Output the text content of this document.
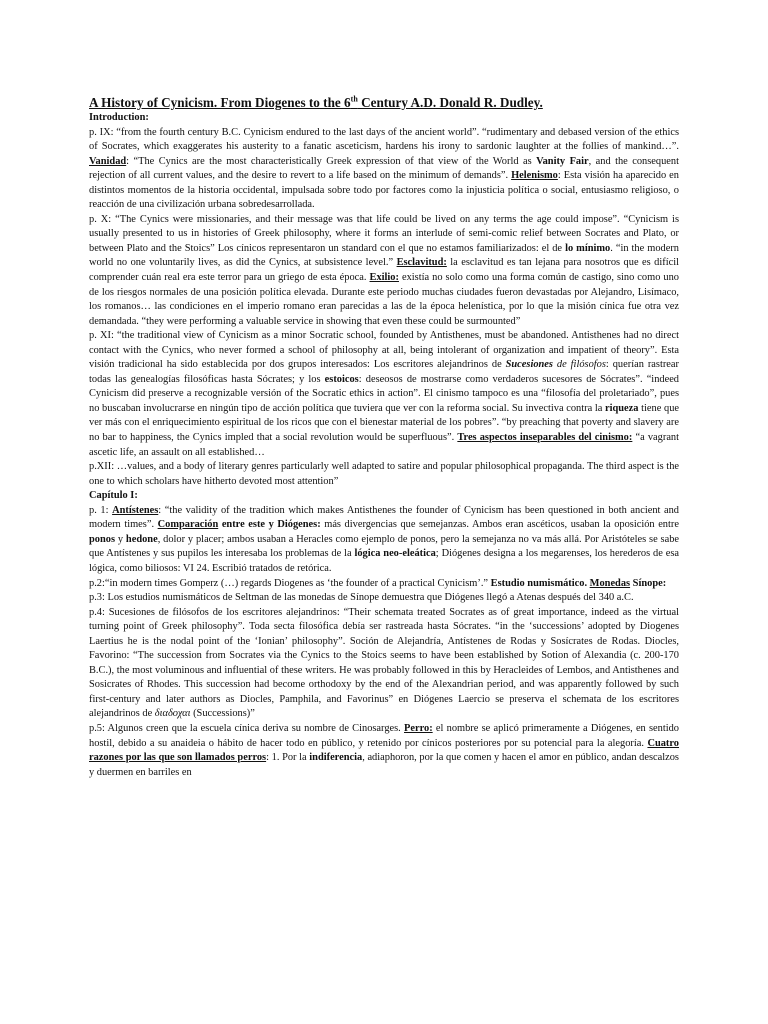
A History of Cynicism. From Diogenes to the 6th Century A.D. Donald R. Dudley.

Introduction:

p. IX: “from the fourth century B.C. Cynicism endured to the last days of the ancient world”. “rudimentary and debased version of the ethics of Socrates, which exaggerates his austerity to a fanatic asceticism, hardens his irony to sardonic laughter at the follies of mankind…”. Vanidad: “The Cynics are the most characteristically Greek expression of that view of the World as Vanity Fair, and the consequent rejection of all current values, and the desire to revert to a life based on the minimum of demands”. Helenismo: Esta visión ha aparecido en distintos momentos de la historia occidental, impulsada sobre todo por factores como la injusticia política o social, entusiasmo religioso, o reacción de una civilización urbana sobredesarrollada.

p. X: “The Cynics were missionaries, and their message was that life could be lived on any terms the age could impose”. “Cynicism is usually presented to us in histories of Greek philosophy, where it forms an interlude of semi-comic relief between Socrates and Plato, or between Plato and the Stoics” Los cínicos representaron un standard con el que no estamos familiarizados: el de lo mínimo. “in the modern world no one voluntarily lives, as did the Cynics, at subsistence level.” Esclavitud: la esclavitud es tan lejana para nosotros que es difícil comprender cuán real era este terror para un griego de esta época. Exilio: existía no solo como una forma común de castigo, sino como uno de los riesgos normales de una posición política elevada. Durante este periodo muchas ciudades fueron devastadas por Alejandro, Lisímaco, los romanos… las condiciones en el imperio romano eran parecidas a las de la época helenística, por lo que la misión cínica fue otra vez demandada. “they were performing a valuable service in showing that even these could be surmounted”

p. XI: “the traditional view of Cynicism as a minor Socratic school, founded by Antisthenes, must be abandoned. Antisthenes had no direct contact with the Cynics, who never formed a school of philosophy at all, being intolerant of organization and impatient of theory”. Esta visión tradicional ha sido establecida por dos grupos interesados: Los escritores alejandrinos de Sucesiones de filósofos: querían rastrear todas las genealogías filosóficas hasta Sócrates; y los estoicos: deseosos de mostrarse como verdaderos sucesores de Sócrates”. “indeed Cynicism did preserve a recognizable versión of the Socratic ethics in action”. El cinismo tampoco es una “filosofía del proletariado”, pues no buscaban involucrarse en ningún tipo de acción política que tuviera que ver con la reforma social. Su invectiva contra la riqueza tiene que ver más con el enriquecimiento espiritual de los ricos que con el bienestar material de los pobres”. “by preaching that poverty and slavery are no bar to happiness, the Cynics impled that a social revolution would be superfluous”. Tres aspectos inseparables del cinismo: “a vagrant ascetic life, an assault on all established…

p.XII: …values, and a body of literary genres particularly well adapted to satire and popular philosophical propaganda. The third aspect is the one to which scholars have hitherto devoted most attention”

Capítulo I:

p. 1: Antístenes: “the validity of the tradition which makes Antisthenes the founder of Cynicism has been questioned in both ancient and modern times”. Comparación entre este y Diógenes: más divergencias que semejanzas. Ambos eran ascéticos, usaban la oposición entre ponos y hedone, dolor y placer; ambos usaban a Heracles como ejemplo de ponos, pero la semejanza no va más allá. Por Aristóteles se sabe que Antístenes y sus pupilos les interesaba los problemas de la lógica neo-eleática; Diógenes designa a los megarenses, los herederos de esa lógica, como biliosos: VI 24. Escribió tratados de retórica.

p.2:“in modern times Gomperz (…) regards Diogenes as ‘the founder of a practical Cynicism’.” Estudio numismático. Monedas Sínope:

p.3: Los estudios numismáticos de Seltman de las monedas de Sínope demuestra que Diógenes llegó a Atenas después del 340 a.C.

p.4: Sucesiones de filósofos de los escritores alejandrinos: “Their schemata treated Socrates as of great importance, indeed as the virtual turning point of Greek philosophy”. Toda secta filosófica debía ser rastreada hasta Sócrates. “in the ‘successions’ adopted by Diogenes Laertius he is the nodal point of the ‘Ionian’ philosophy”. Soción de Alejandría, Antístenes de Rodas y Sosícrates de Rodas. Diocles, Favorino: “The succession from Socrates via the Cynics to the Stoics seems to have been established by Sotion of Alexandia (c. 200-170 B.C.), the most voluminous and influential of these writers. He was probably followed in this by Heracleides of Lembos, and Antisthenes and Sosicrates of Rhodes. This succession had become orthodoxy by the end of the Alexandrian period, and was apparently followed by such first-century and later authors as Diocles, Pamphila, and Favorinus” en Diógenes Laercio se preserva el schemata de los escritores alejandrinos de διαδοχαι (Successions)”

p.5: Algunos creen que la escuela cínica deriva su nombre de Cinosarges. Perro: el nombre se aplicó primeramente a Diógenes, en sentido hostil, debido a su anaideia o hábito de hacer todo en público, y retenido por cínicos posteriores por su potencial para la alegoría. Cuatro razones por las que son llamados perros: 1. Por la indiferencia, adiaphoron, por la que comen y hacen el amor en público, andan descalzos y duermen en barriles en
